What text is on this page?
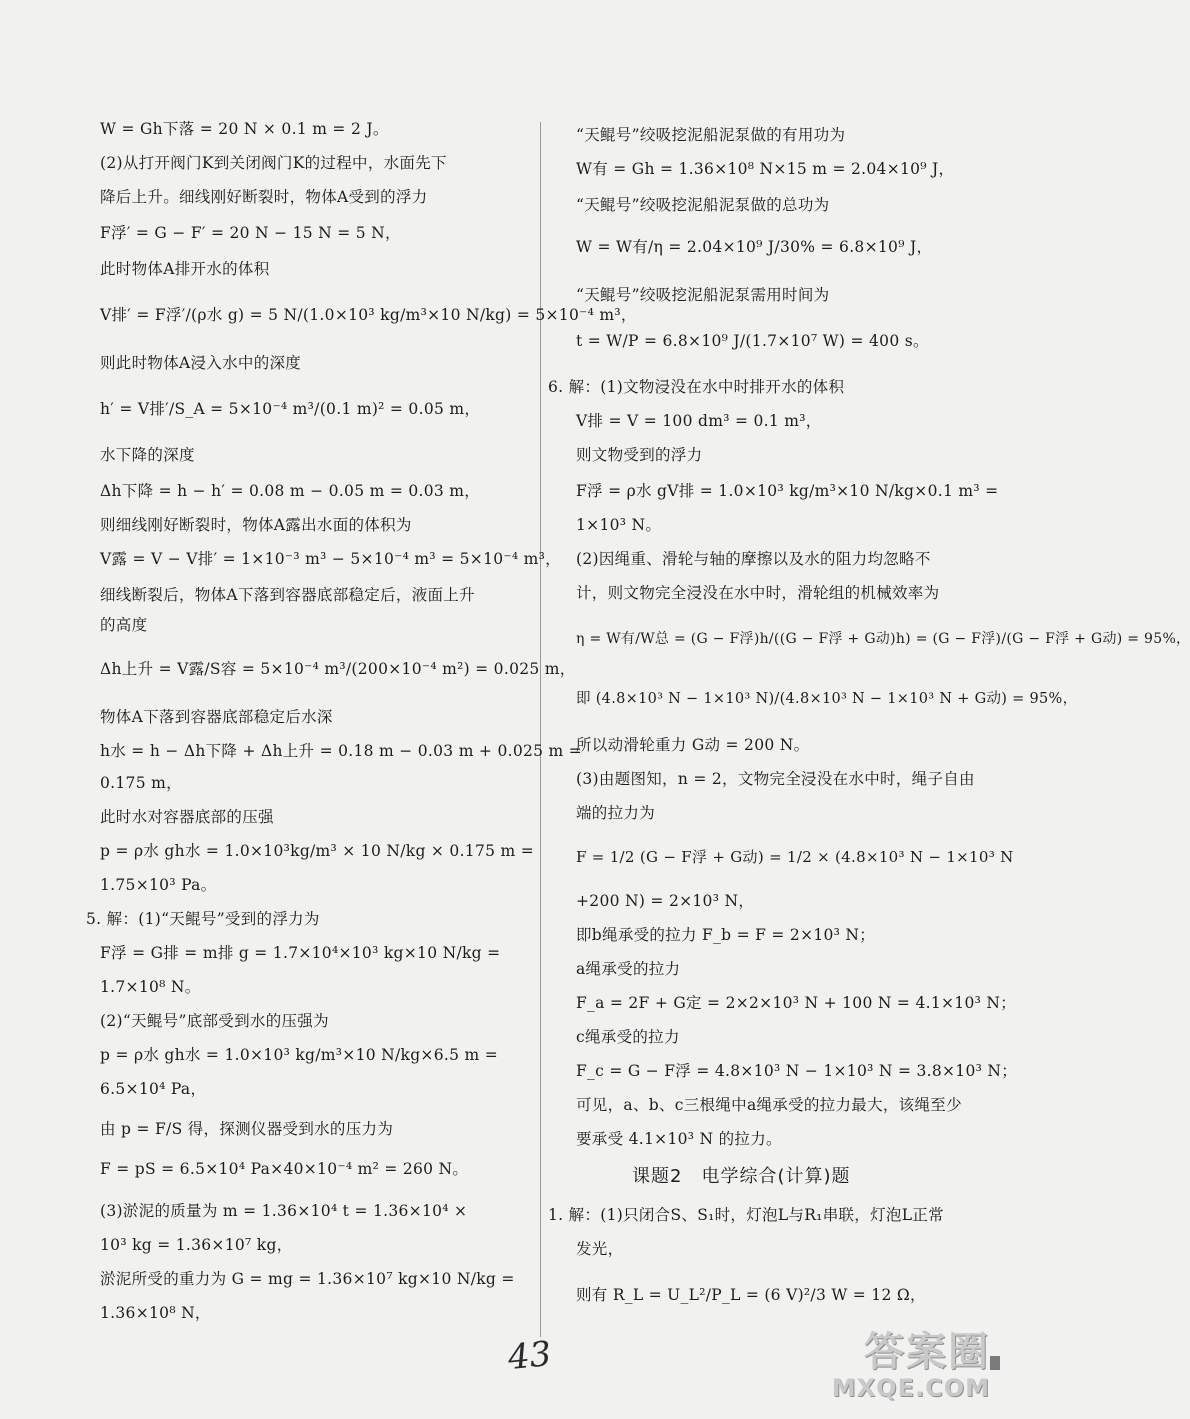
W = Gh下落 = 20 N × 0.1 m = 2 J。
(2)从打开阀门K到关闭阀门K的过程中，水面先下
降后上升。细线刚好断裂时，物体A受到的浮力
F浮′ = G − F′ = 20 N − 15 N = 5 N，
此时物体A排开水的体积
V排′ = F浮′/(ρ水 g) = 5 N/(1.0×10³ kg/m³×10 N/kg) = 5×10⁻⁴ m³，
则此时物体A浸入水中的深度
h′ = V排′/S_A = 5×10⁻⁴ m³/(0.1 m)² = 0.05 m，
水下降的深度
Δh下降 = h − h′ = 0.08 m − 0.05 m = 0.03 m，
则细线刚好断裂时，物体A露出水面的体积为
V露 = V − V排′ = 1×10⁻³ m³ − 5×10⁻⁴ m³ = 5×10⁻⁴ m³，
细线断裂后，物体A下落到容器底部稳定后，液面上升
的高度
Δh上升 = V露/S容 = 5×10⁻⁴ m³/(200×10⁻⁴ m²) = 0.025 m，
物体A下落到容器底部稳定后水深
h水 = h − Δh下降 + Δh上升 = 0.18 m − 0.03 m + 0.025 m =
0.175 m，
此时水对容器底部的压强
p = ρ水 gh水 = 1.0×10³kg/m³ × 10 N/kg × 0.175 m =
1.75×10³ Pa。
5. 解：(1)“天鲲号”受到的浮力为
F浮 = G排 = m排 g = 1.7×10⁴×10³ kg×10 N/kg =
1.7×10⁸ N。
(2)“天鲲号”底部受到水的压强为
p = ρ水 gh水 = 1.0×10³ kg/m³×10 N/kg×6.5 m =
6.5×10⁴ Pa，
由 p = F/S 得，探测仪器受到水的压力为
F = pS = 6.5×10⁴ Pa×40×10⁻⁴ m² = 260 N。
(3)淤泥的质量为 m = 1.36×10⁴ t = 1.36×10⁴ ×
10³ kg = 1.36×10⁷ kg，
淤泥所受的重力为 G = mg = 1.36×10⁷ kg×10 N/kg =
1.36×10⁸ N，
“天鲲号”绞吸挖泥船泥泵做的有用功为
W有 = Gh = 1.36×10⁸ N×15 m = 2.04×10⁹ J，
“天鲲号”绞吸挖泥船泥泵做的总功为
W = W有/η = 2.04×10⁹ J/30% = 6.8×10⁹ J，
“天鲲号”绞吸挖泥船泥泵需用时间为
t = W/P = 6.8×10⁹ J/(1.7×10⁷ W) = 400 s。
6. 解：(1)文物浸没在水中时排开水的体积
V排 = V = 100 dm³ = 0.1 m³，
则文物受到的浮力
F浮 = ρ水 gV排 = 1.0×10³ kg/m³×10 N/kg×0.1 m³ =
1×10³ N。
(2)因绳重、滑轮与轴的摩擦以及水的阻力均忽略不
计，则文物完全浸没在水中时，滑轮组的机械效率为
η = W有/W总 = (G − F浮)h/((G − F浮 + G动)h) = (G − F浮)/(G − F浮 + G动) = 95%，
即 (4.8×10³ N − 1×10³ N)/(4.8×10³ N − 1×10³ N + G动) = 95%，
所以动滑轮重力 G动 = 200 N。
(3)由题图知，n = 2，文物完全浸没在水中时，绳子自由
端的拉力为
F = 1/2 (G − F浮 + G动) = 1/2 × (4.8×10³ N − 1×10³ N
+200 N) = 2×10³ N，
即b绳承受的拉力 F_b = F = 2×10³ N；
a绳承受的拉力
F_a = 2F + G定 = 2×2×10³ N + 100 N = 4.1×10³ N；
c绳承受的拉力
F_c = G − F浮 = 4.8×10³ N − 1×10³ N = 3.8×10³ N；
可见，a、b、c三根绳中a绳承受的拉力最大，该绳至少
要承受 4.1×10³ N 的拉力。
课题2　电学综合(计算)题
1. 解：(1)只闭合S、S₁时，灯泡L与R₁串联，灯泡L正常
发光，
则有 R_L = U_L²/P_L = (6 V)²/3 W = 12 Ω，
43	答案圈
MXQE.COM
